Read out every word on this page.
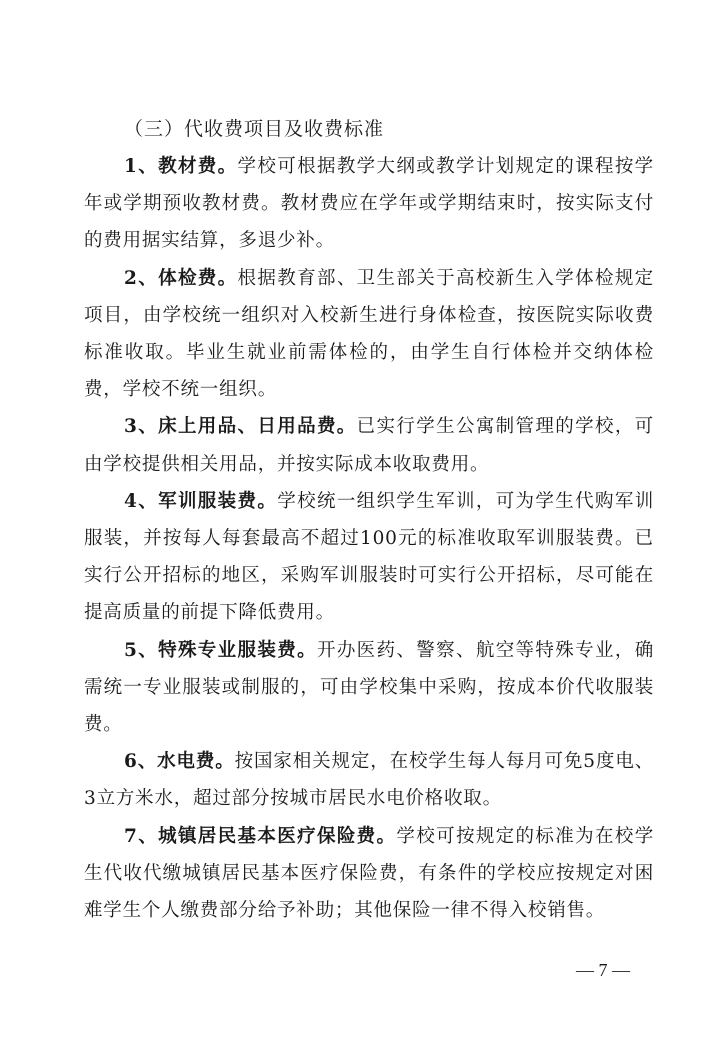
（三）代收费项目及收费标准

1、教材费。学校可根据教学大纲或教学计划规定的课程按学年或学期预收教材费。教材费应在学年或学期结束时，按实际支付的费用据实结算，多退少补。

2、体检费。根据教育部、卫生部关于高校新生入学体检规定项目，由学校统一组织对入校新生进行身体检查，按医院实际收费标准收取。毕业生就业前需体检的，由学生自行体检并交纳体检费，学校不统一组织。

3、床上用品、日用品费。已实行学生公寓制管理的学校，可由学校提供相关用品，并按实际成本收取费用。

4、军训服装费。学校统一组织学生军训，可为学生代购军训服装，并按每人每套最高不超过100元的标准收取军训服装费。已实行公开招标的地区，采购军训服装时可实行公开招标，尽可能在提高质量的前提下降低费用。

5、特殊专业服装费。开办医药、警察、航空等特殊专业，确需统一专业服装或制服的，可由学校集中采购，按成本价代收服装费。

6、水电费。按国家相关规定，在校学生每人每月可免5度电、3立方米水，超过部分按城市居民水电价格收取。

7、城镇居民基本医疗保险费。学校可按规定的标准为在校学生代收代缴城镇居民基本医疗保险费，有条件的学校应按规定对困难学生个人缴费部分给予补助；其他保险一律不得入校销售。

— 7 —
